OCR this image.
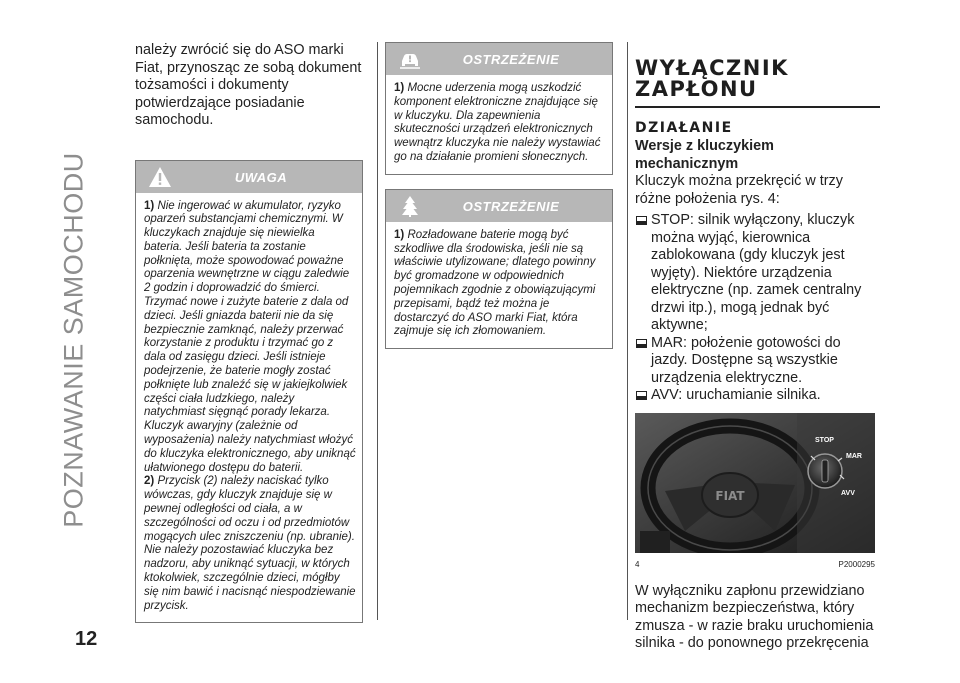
POZNAWANIE SAMOCHODU
12
należy zwrócić się do ASO marki Fiat, przynosząc ze sobą dokument tożsamości i dokumenty potwierdzające posiadanie samochodu.
UWAGA

1) Nie ingerować w akumulator, ryzyko oparzeń substancjami chemicznymi. W kluczykach znajduje się niewielka bateria. Jeśli bateria ta zostanie połknięta, może spowodować poważne oparzenia wewnętrzne w ciągu zaledwie 2 godzin i doprowadzić do śmierci. Trzymać nowe i zużyte baterie z dala od dzieci. Jeśli gniazda baterii nie da się bezpiecznie zamknąć, należy przerwać korzystanie z produktu i trzymać go z dala od zasięgu dzieci. Jeśli istnieje podejrzenie, że baterie mogły zostać połknięte lub znaleźć się w jakiejkolwiek części ciała ludzkiego, należy natychmiast sięgnąć porady lekarza. Kluczyk awaryjny (zależnie od wyposażenia) należy natychmiast włożyć do kluczyka elektronicznego, aby uniknąć ułatwionego dostępu do baterii.

2) Przycisk (2) należy naciskać tylko wówczas, gdy kluczyk znajduje się w pewnej odległości od ciała, a w szczególności od oczu i od przedmiotów mogących ulec zniszczeniu (np. ubranie). Nie należy pozostawiać kluczyka bez nadzoru, aby uniknąć sytuacji, w których ktokolwiek, szczególnie dzieci, mógłby się nim bawić i nacisnąć niespodziewanie przycisk.

OSTRZEŻENIE

1) Mocne uderzenia mogą uszkodzić komponent elektroniczne znajdujące się w kluczyku. Dla zapewnienia skuteczności urządzeń elektronicznych wewnątrz kluczyka nie należy wystawiać go na działanie promieni słonecznych.

OSTRZEŻENIE

1) Rozładowane baterie mogą być szkodliwe dla środowiska, jeśli nie są właściwie utylizowane; dlatego powinny być gromadzone w odpowiednich pojemnikach zgodnie z obowiązującymi przepisami, bądź też można je dostarczyć do ASO marki Fiat, która zajmuje się ich złomowaniem.

WYŁĄCZNIK ZAPŁONU
DZIAŁANIE
Wersje z kluczykiem mechanicznym
Kluczyk można przekręcić w trzy różne położenia rys. 4:
STOP: silnik wyłączony, kluczyk można wyjąć, kierownica zablokowana (gdy kluczyk jest wyjęty). Niektóre urządzenia elektryczne (np. zamek centralny drzwi itp.), mogą jednak być aktywne;
MAR: położenie gotowości do jazdy. Dostępne są wszystkie urządzenia elektryczne.
AVV: uruchamianie silnika.
FIAT
STOP
MAR
AVV
4	P2000295
W wyłączniku zapłonu przewidziano mechanizm bezpieczeństwa, który zmusza - w razie braku uruchomienia silnika - do ponownego przekręcenia
